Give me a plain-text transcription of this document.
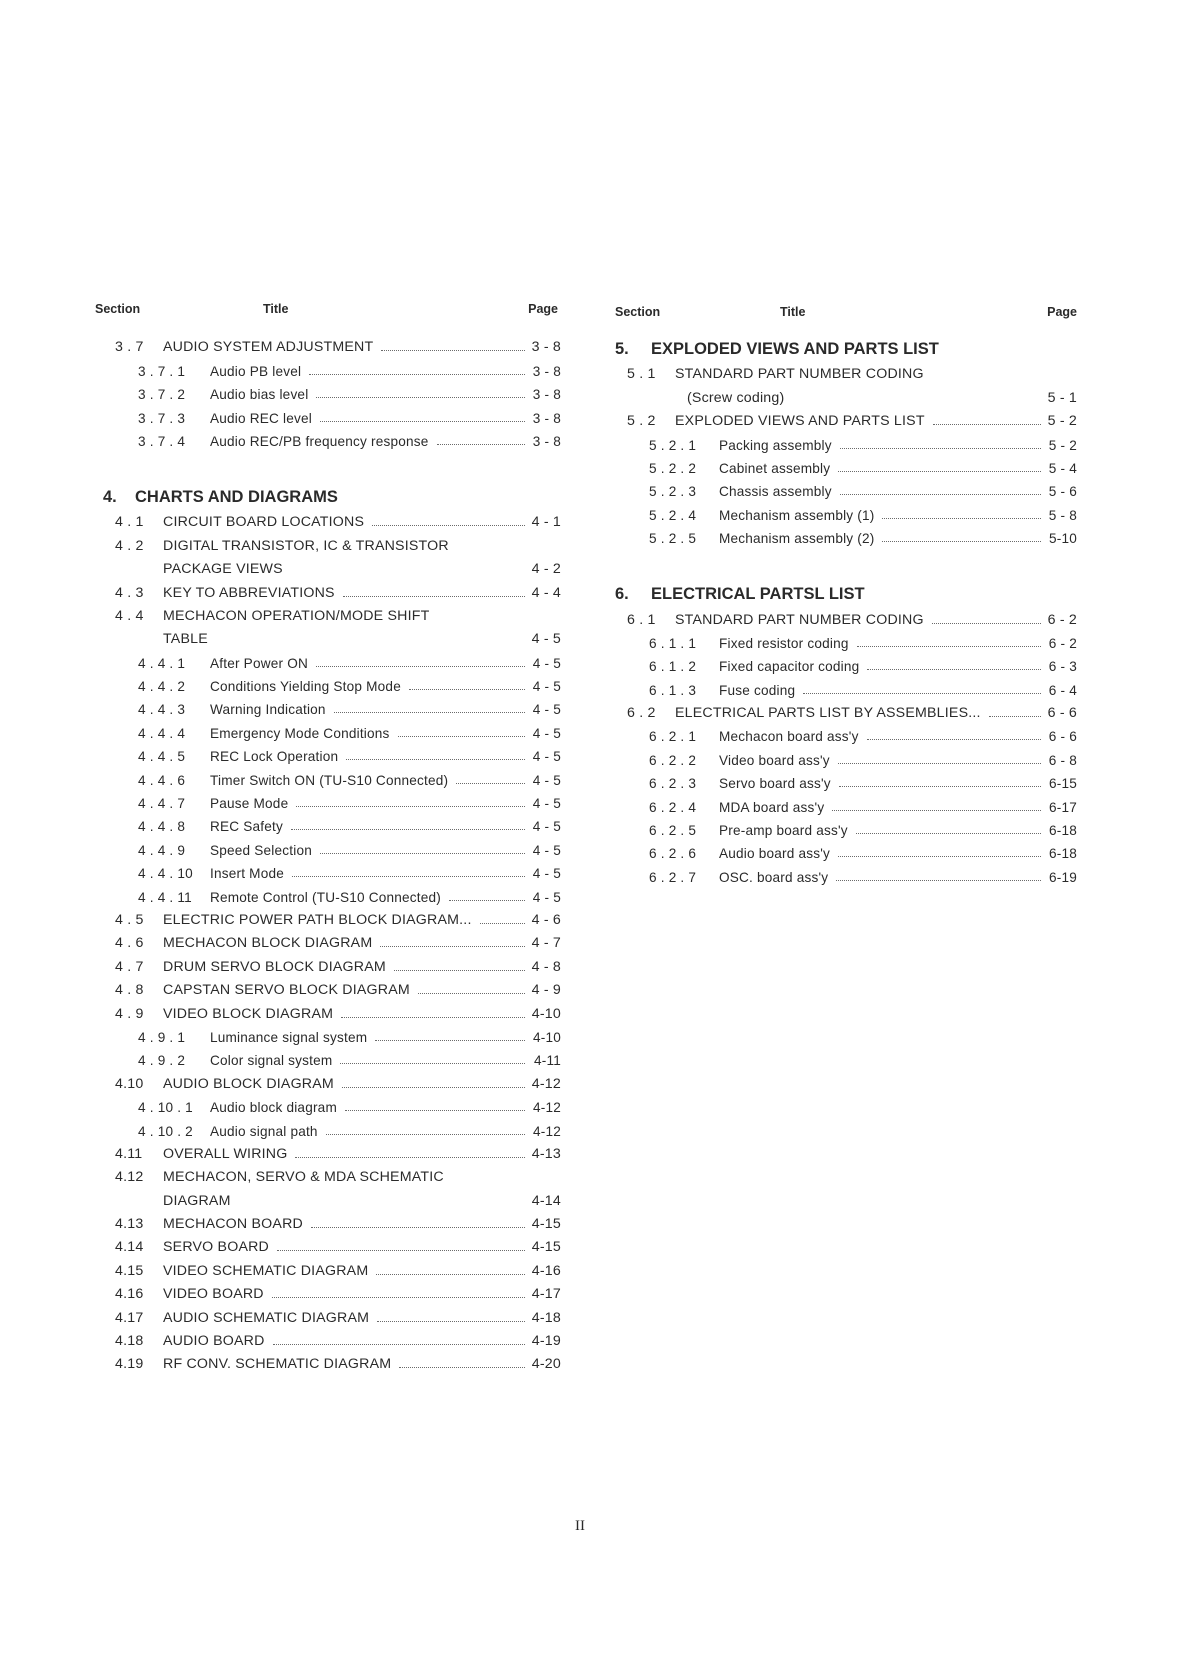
Section	Title	Page
3 . 7	AUDIO SYSTEM ADJUSTMENT	3 - 8
3 . 7 . 1	Audio PB level	3 - 8
3 . 7 . 2	Audio bias level	3 - 8
3 . 7 . 3	Audio REC level	3 - 8
3 . 7 . 4	Audio REC/PB frequency response	3 - 8
4.	CHARTS AND DIAGRAMS
4 . 1	CIRCUIT BOARD LOCATIONS	4 - 1
4 . 2	DIGITAL TRANSISTOR, IC & TRANSISTOR
PACKAGE VIEWS	4 - 2
4 . 3	KEY TO ABBREVIATIONS	4 - 4
4 . 4	MECHACON OPERATION/MODE SHIFT
TABLE	4 - 5
4 . 4 . 1	After Power ON	4 - 5
4 . 4 . 2	Conditions Yielding Stop Mode	4 - 5
4 . 4 . 3	Warning Indication	4 - 5
4 . 4 . 4	Emergency Mode Conditions	4 - 5
4 . 4 . 5	REC Lock Operation	4 - 5
4 . 4 . 6	Timer Switch ON (TU-S10 Connected)	4 - 5
4 . 4 . 7	Pause Mode	4 - 5
4 . 4 . 8	REC Safety	4 - 5
4 . 4 . 9	Speed Selection	4 - 5
4 . 4 . 10	Insert Mode	4 - 5
4 . 4 . 11	Remote Control (TU-S10 Connected)	4 - 5
4 . 5	ELECTRIC POWER PATH BLOCK DIAGRAM...	4 - 6
4 . 6	MECHACON BLOCK DIAGRAM	4 - 7
4 . 7	DRUM SERVO BLOCK DIAGRAM	4 - 8
4 . 8	CAPSTAN SERVO BLOCK DIAGRAM	4 - 9
4 . 9	VIDEO BLOCK DIAGRAM	4-10
4 . 9 . 1	Luminance signal system	4-10
4 . 9 . 2	Color signal system	4-11
4.10	AUDIO BLOCK DIAGRAM	4-12
4 . 10 . 1	Audio block diagram	4-12
4 . 10 . 2	Audio signal path	4-12
4.11	OVERALL WIRING	4-13
4.12	MECHACON, SERVO & MDA SCHEMATIC
DIAGRAM	4-14
4.13	MECHACON BOARD	4-15
4.14	SERVO BOARD	4-15
4.15	VIDEO SCHEMATIC DIAGRAM	4-16
4.16	VIDEO BOARD	4-17
4.17	AUDIO SCHEMATIC DIAGRAM	4-18
4.18	AUDIO BOARD	4-19
4.19	RF CONV. SCHEMATIC DIAGRAM	4-20
Section	Title	Page
5.	EXPLODED VIEWS AND PARTS LIST
5 . 1	STANDARD PART NUMBER CODING
(Screw coding)	5 - 1
5 . 2	EXPLODED VIEWS AND PARTS LIST	5 - 2
5 . 2 . 1	Packing assembly	5 - 2
5 . 2 . 2	Cabinet assembly	5 - 4
5 . 2 . 3	Chassis assembly	5 - 6
5 . 2 . 4	Mechanism assembly (1)	5 - 8
5 . 2 . 5	Mechanism assembly (2)	5-10
6.	ELECTRICAL PARTSL LIST
6 . 1	STANDARD PART NUMBER CODING	6 - 2
6 . 1 . 1	Fixed resistor coding	6 - 2
6 . 1 . 2	Fixed capacitor coding	6 - 3
6 . 1 . 3	Fuse coding	6 - 4
6 . 2	ELECTRICAL PARTS LIST BY ASSEMBLIES...	6 - 6
6 . 2 . 1	Mechacon board ass'y	6 - 6
6 . 2 . 2	Video board ass'y	6 - 8
6 . 2 . 3	Servo board ass'y	6-15
6 . 2 . 4	MDA board ass'y	6-17
6 . 2 . 5	Pre-amp board ass'y	6-18
6 . 2 . 6	Audio board ass'y	6-18
6 . 2 . 7	OSC. board ass'y	6-19
II
